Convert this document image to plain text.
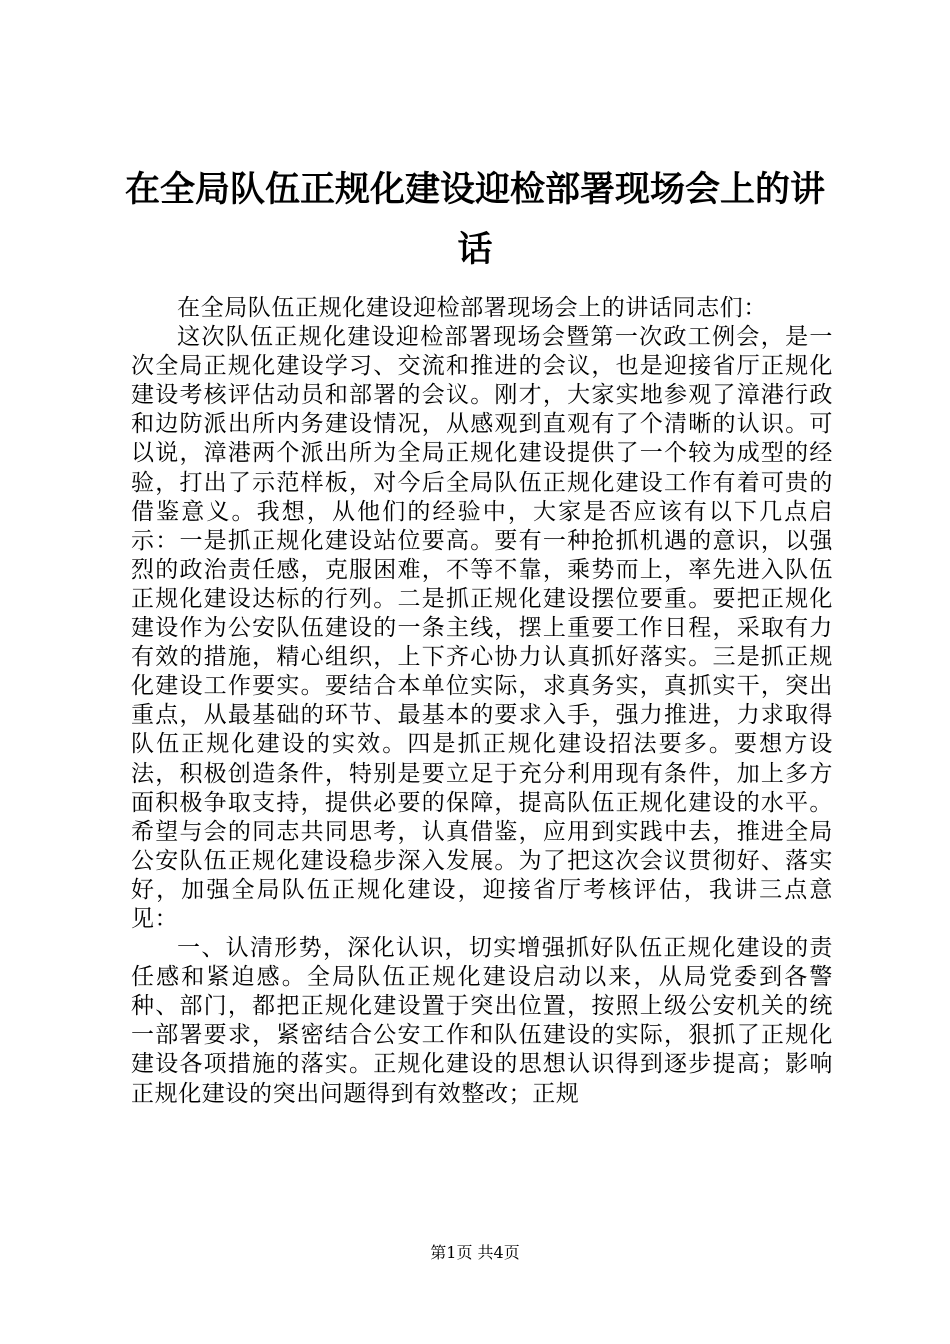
在全局队伍正规化建设迎检部署现场会上的讲话

在全局队伍正规化建设迎检部署现场会上的讲话同志们：

这次队伍正规化建设迎检部署现场会暨第一次政工例会，是一次全局正规化建设学习、交流和推进的会议，也是迎接省厅正规化建设考核评估动员和部署的会议。刚才，大家实地参观了漳港行政和边防派出所内务建设情况，从感观到直观有了个清晰的认识。可以说，漳港两个派出所为全局正规化建设提供了一个较为成型的经验，打出了示范样板，对今后全局队伍正规化建设工作有着可贵的借鉴意义。我想，从他们的经验中，大家是否应该有以下几点启示：一是抓正规化建设站位要高。要有一种抢抓机遇的意识，以强烈的政治责任感，克服困难，不等不靠，乘势而上，率先进入队伍正规化建设达标的行列。二是抓正规化建设摆位要重。要把正规化建设作为公安队伍建设的一条主线，摆上重要工作日程，采取有力有效的措施，精心组织，上下齐心协力认真抓好落实。三是抓正规化建设工作要实。要结合本单位实际，求真务实，真抓实干，突出重点，从最基础的环节、最基本的要求入手，强力推进，力求取得队伍正规化建设的实效。四是抓正规化建设招法要多。要想方设法，积极创造条件，特别是要立足于充分利用现有条件，加上多方面积极争取支持，提供必要的保障，提高队伍正规化建设的水平。希望与会的同志共同思考，认真借鉴，应用到实践中去，推进全局公安队伍正规化建设稳步深入发展。为了把这次会议贯彻好、落实好，加强全局队伍正规化建设，迎接省厅考核评估，我讲三点意见：

一、认清形势，深化认识，切实增强抓好队伍正规化建设的责任感和紧迫感。全局队伍正规化建设启动以来，从局党委到各警种、部门，都把正规化建设置于突出位置，按照上级公安机关的统一部署要求，紧密结合公安工作和队伍建设的实际，狠抓了正规化建设各项措施的落实。正规化建设的思想认识得到逐步提高；影响正规化建设的突出问题得到有效整改；正规

第1页 共4页
